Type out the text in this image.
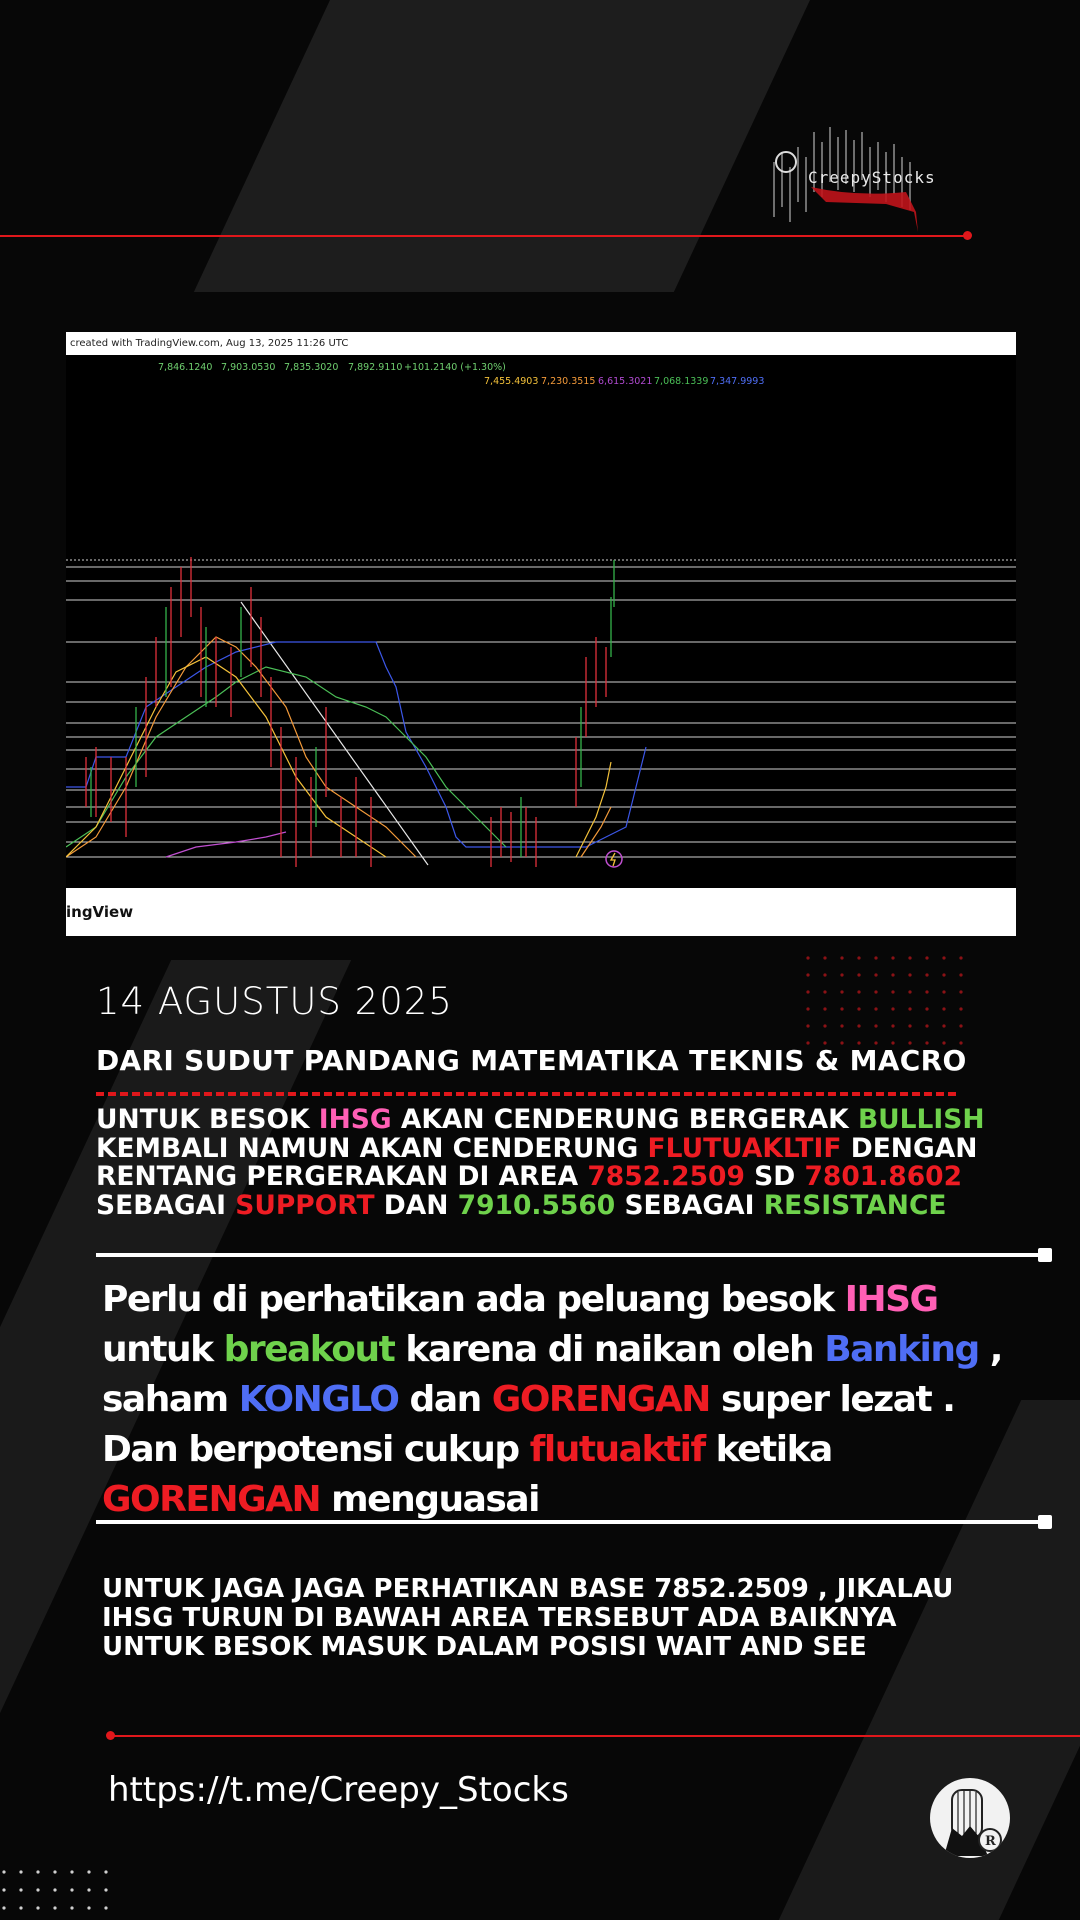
CreepyStocks
created with TradingView.com, Aug 13, 2025 11:26 UTC
7,846.1240 7,903.0530 7,835.3020 7,892.9110 +101.2140 (+1.30%)
7,455.4903 7,230.3515 6,615.3021 7,068.1339 7,347.9993
ingView
14 AGUSTUS 2025
DARI SUDUT PANDANG MATEMATIKA TEKNIS & MACRO
UNTUK BESOK IHSG AKAN CENDERUNG BERGERAK BULLISH KEMBALI NAMUN AKAN CENDERUNG FLUTUAKLTIF DENGAN RENTANG PERGERAKAN DI AREA 7852.2509 SD 7801.8602 SEBAGAI SUPPORT DAN 7910.5560 SEBAGAI RESISTANCE
Perlu di perhatikan ada peluang besok IHSG untuk breakout karena di naikan oleh Banking , saham KONGLO dan GORENGAN super lezat . Dan berpotensi cukup flutuaktif ketika GORENGAN menguasai
UNTUK JAGA JAGA PERHATIKAN BASE 7852.2509 , JIKALAU IHSG TURUN DI BAWAH AREA TERSEBUT ADA BAIKNYA UNTUK BESOK MASUK DALAM POSISI WAIT AND SEE
https://t.me/Creepy_Stocks
R
